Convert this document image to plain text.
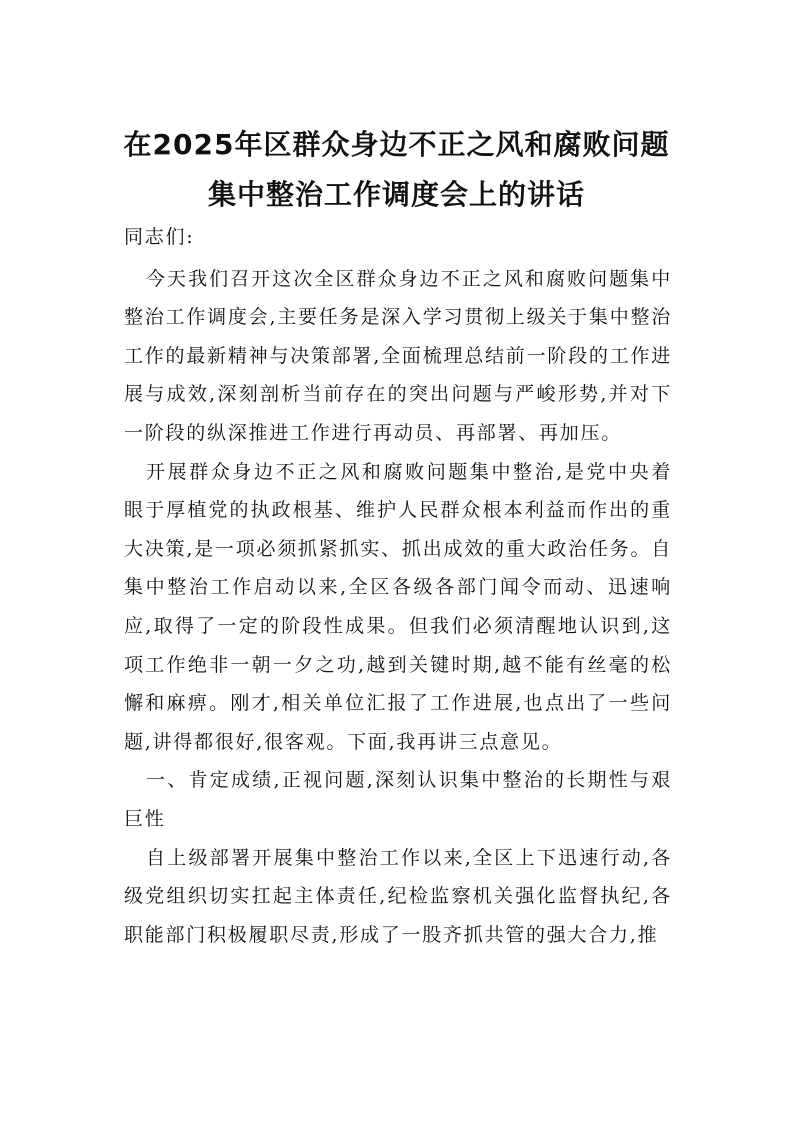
在2025年区群众身边不正之风和腐败问题
集中整治工作调度会上的讲话

同志们:

今天我们召开这次全区群众身边不正之风和腐败问题集中整治工作调度会,主要任务是深入学习贯彻上级关于集中整治工作的最新精神与决策部署,全面梳理总结前一阶段的工作进展与成效,深刻剖析当前存在的突出问题与严峻形势,并对下一阶段的纵深推进工作进行再动员、再部署、再加压。

开展群众身边不正之风和腐败问题集中整治,是党中央着眼于厚植党的执政根基、维护人民群众根本利益而作出的重大决策,是一项必须抓紧抓实、抓出成效的重大政治任务。自集中整治工作启动以来,全区各级各部门闻令而动、迅速响应,取得了一定的阶段性成果。但我们必须清醒地认识到,这项工作绝非一朝一夕之功,越到关键时期,越不能有丝毫的松懈和麻痹。刚才,相关单位汇报了工作进展,也点出了一些问题,讲得都很好,很客观。下面,我再讲三点意见。

一、肯定成绩,正视问题,深刻认识集中整治的长期性与艰巨性

自上级部署开展集中整治工作以来,全区上下迅速行动,各级党组织切实扛起主体责任,纪检监察机关强化监督执纪,各职能部门积极履职尽责,形成了一股齐抓共管的强大合力,推
